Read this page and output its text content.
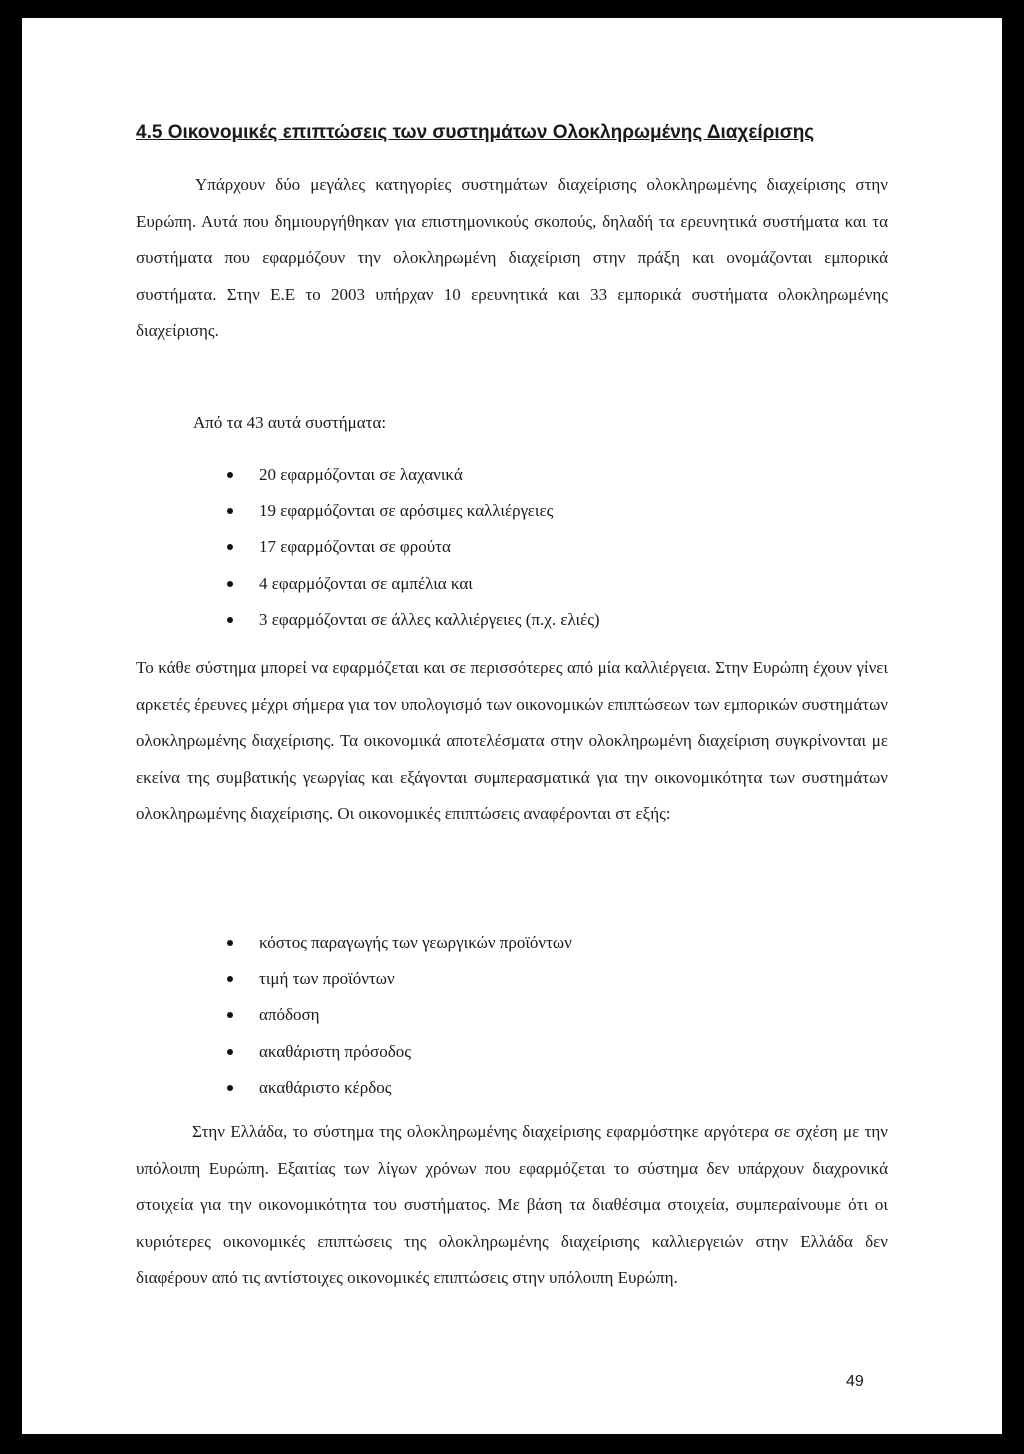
4.5 Οικονομικές επιπτώσεις των συστημάτων Ολοκληρωμένης Διαχείρισης

Υπάρχουν δύο μεγάλες κατηγορίες συστημάτων διαχείρισης ολοκληρωμένης διαχείρισης στην Ευρώπη. Αυτά που δημιουργήθηκαν για επιστημονικούς σκοπούς, δηλαδή τα ερευνητικά συστήματα και τα συστήματα που εφαρμόζουν την ολοκληρωμένη διαχείριση στην πράξη και ονομάζονται εμπορικά συστήματα. Στην Ε.Ε το 2003 υπήρχαν 10 ερευνητικά και 33 εμπορικά συστήματα ολοκληρωμένης διαχείρισης.

Από τα 43 αυτά συστήματα:

20 εφαρμόζονται σε λαχανικά
19 εφαρμόζονται σε αρόσιμες καλλιέργειες
17 εφαρμόζονται σε φρούτα
4 εφαρμόζονται σε αμπέλια και
3 εφαρμόζονται σε άλλες καλλιέργειες (π.χ. ελιές)

Το κάθε σύστημα μπορεί να εφαρμόζεται και σε περισσότερες από μία καλλιέργεια. Στην Ευρώπη έχουν γίνει αρκετές έρευνες μέχρι σήμερα για τον υπολογισμό των οικονομικών επιπτώσεων των εμπορικών συστημάτων ολοκληρωμένης διαχείρισης. Τα οικονομικά αποτελέσματα στην ολοκληρωμένη διαχείριση συγκρίνονται με εκείνα της συμβατικής γεωργίας και εξάγονται συμπερασματικά για την οικονομικότητα των συστημάτων ολοκληρωμένης διαχείρισης. Οι οικονομικές επιπτώσεις αναφέρονται στ εξής:

κόστος παραγωγής των γεωργικών προϊόντων
τιμή των προϊόντων
απόδοση
ακαθάριστη πρόσοδος
ακαθάριστο κέρδος

Στην Ελλάδα, το σύστημα της ολοκληρωμένης διαχείρισης εφαρμόστηκε αργότερα σε σχέση με την υπόλοιπη Ευρώπη. Εξαιτίας των λίγων χρόνων που εφαρμόζεται το σύστημα δεν υπάρχουν διαχρονικά στοιχεία για την οικονομικότητα του συστήματος. Με βάση τα διαθέσιμα στοιχεία, συμπεραίνουμε ότι οι κυριότερες οικονομικές επιπτώσεις της ολοκληρωμένης διαχείρισης καλλιεργειών στην Ελλάδα δεν διαφέρουν από τις αντίστοιχες οικονομικές επιπτώσεις στην υπόλοιπη Ευρώπη.

49
